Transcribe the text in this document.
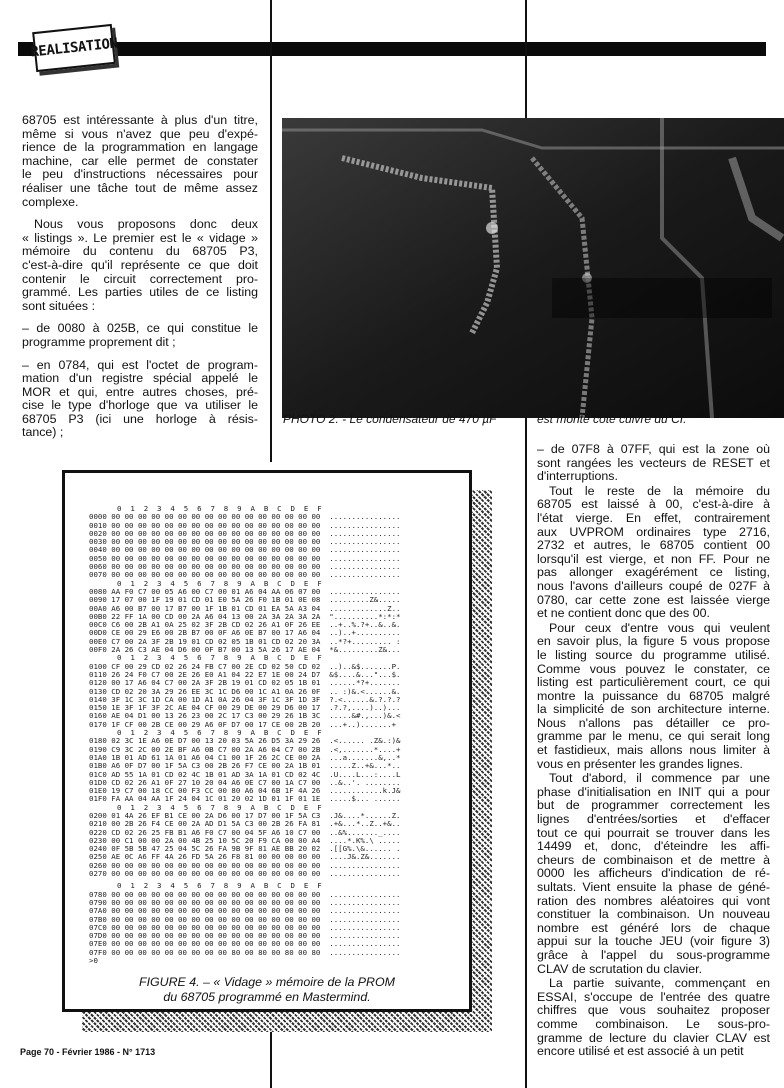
REALISATION
68705 est intéressante à plus d'un titre,
même si vous n'avez que peu d'expé-
rience de la programmation en langage
machine, car elle permet de constater
le peu d'instructions nécessaires pour
réaliser une tâche tout de même assez
complexe.
Nous vous proposons donc deux
« listings ». Le premier est le « vidage »
mémoire du contenu du 68705 P3,
c'est-à-dire qu'il représente ce que doit
contenir le circuit correctement pro-
grammé. Les parties utiles de ce listing
sont situées :
– de 0080 à 025B, ce qui constitue le
programme proprement dit ;
– en 0784, qui est l'octet de program-
mation d'un registre spécial appelé le
MOR et qui, entre autres choses, pré-
cise le type d'horloge que va utiliser le
68705 P3 (ici une horloge à résis-
tance) ;
PHOTO 2. - Le condensateur de 470 µF	est monté côté cuivre du CI.
– de 07F8 à 07FF, qui est la zone où
sont rangées les vecteurs de RESET et
d'interruptions.
Tout le reste de la mémoire du
68705 est laissé à 00, c'est-à-dire à
l'état vierge. En effet, contrairement
aux UVPROM ordinaires type 2716,
2732 et autres, le 68705 contient 00
lorsqu'il est vierge, et non FF. Pour ne
pas allonger exagérément ce listing,
nous l'avons d'ailleurs coupé de 027F à
0780, car cette zone est laissée vierge
et ne contient donc que des 00.
Pour ceux d'entre vous qui veulent
en savoir plus, la figure 5 vous propose
le listing source du programme utilisé.
Comme vous pouvez le constater, ce
listing est particulièrement court, ce qui
montre la puissance du 68705 malgré
la simplicité de son architecture interne.
Nous n'allons pas détailler ce pro-
gramme par le menu, ce qui serait long
et fastidieux, mais allons nous limiter à
vous en présenter les grandes lignes.
Tout d'abord, il commence par une
phase d'initialisation en INIT qui a pour
but de programmer correctement les
lignes d'entrées/sorties et d'effacer
tout ce qui pourrait se trouver dans les
14499 et, donc, d'éteindre les affi-
cheurs de combinaison et de mettre à
0000 les afficheurs d'indication de ré-
sultats. Vient ensuite la phase de géné-
ration des nombres aléatoires qui vont
constituer la combinaison. Un nouveau
nombre est généré lors de chaque
appui sur la touche JEU (voir figure 3)
grâce à l'appel du sous-programme
CLAV de scrutation du clavier.
La partie suivante, commençant en
ESSAI, s'occupe de l'entrée des quatre
chiffres que vous souhaitez proposer
comme combinaison. Le sous-pro-
gramme de lecture du clavier CLAV est
encore utilisé et est associé à un petit
0  1  2  3  4  5  6  7  8  9  A  B  C  D  E  F
0000 00 00 00 00 00 00 00 00 00 00 00 00 00 00 00 00  ................
0010 00 00 00 00 00 00 00 00 00 00 00 00 00 00 00 00  ................
0020 00 00 00 00 00 00 00 00 00 00 00 00 00 00 00 00  ................
0030 00 00 00 00 00 00 00 00 00 00 00 00 00 00 00 00  ................
0040 00 00 00 00 00 00 00 00 00 00 00 00 00 00 00 00  ................
0050 00 00 00 00 00 00 00 00 00 00 00 00 00 00 00 00  ................
0060 00 00 00 00 00 00 00 00 00 00 00 00 00 00 00 00  ................
0070 00 00 00 00 00 00 00 00 00 00 00 00 00 00 00 00  ................
0  1  2  3  4  5  6  7  8  9  A  B  C  D  E  F
0080 AA F0 C7 00 05 A6 00 C7 00 01 A6 04 AA 06 07 00  ................
0090 17 07 00 1F 19 01 CD 01 E0 5A 26 F0 1B 01 0E 08  .........Z&.....
00A0 A6 00 B7 00 17 B7 00 1F 1B 01 CD 01 EA 5A A3 04  .............Z..
00B0 22 FF 1A 00 CD 00 2A A6 04 13 00 2A 3A 2A 3A 2A  "..........*:*:*
00C0 C6 00 2B A1 0A 25 02 3F 2B CD 02 26 A1 0F 26 EE  ..+..%.?+..&..&.
00D0 CE 00 29 E6 00 2B B7 00 0F A6 0E B7 00 17 A6 04  ..)..+..........
00E0 C7 00 2A 3F 2B 19 01 CD 02 05 1B 01 CD 02 20 3A  ..*?+......... :
00F0 2A 26 C3 AE 04 D6 00 0F B7 00 13 5A 26 17 AE 04  *&.........Z&...
0  1  2  3  4  5  6  7  8  9  A  B  C  D  E  F
0100 CF 00 29 CD 02 26 24 FB C7 00 2E CD 02 50 CD 02  ..)..&$.......P.
0110 26 24 F0 C7 00 2E 26 E0 A1 04 22 E7 1E 00 24 D7  &$....&..."...$.
0120 00 17 A6 04 C7 00 2A 3F 2B 19 01 CD 02 05 1B 01  ......*?+.......
0130 CD 02 20 3A 29 26 EE 3C 1C D6 00 1C A1 0A 26 0F  .. :)&.<......&.
0140 3F 1C 3C 1D CA 00 1D A1 0A 26 04 3F 1C 3F 1D 3F  ?.<......&.?.?.?
0150 1E 3F 1F 3F 2C AE 04 CF 00 29 DE 00 29 D6 00 17  .?.?,....)..)...
0160 AE 04 D1 00 13 26 23 00 2C 17 C3 00 29 26 1B 3C  .....&#.,...)&.<
0170 1F CF 00 2B CE 00 29 A6 0F D7 00 17 CE 00 2B 20  ...+..).......+
0  1  2  3  4  5  6  7  8  9  A  B  C  D  E  F
0180 02 3C 1E A6 0E D7 00 13 20 03 5A 26 D5 3A 29 26  .<...... .Z&.:)&
0190 C9 3C 2C 00 2E BF A6 0B C7 00 2A A6 04 C7 00 2B  .<,.......*....+
01A0 1B 01 AD 61 1A 01 A6 04 C1 00 1F 26 2C CE 00 2A  ...a.......&,..*
01B0 A6 0F D7 00 1F 5A C3 00 2B 26 F7 CE 00 2A 1B 01  .....Z..+&...*..
01C0 AD 55 1A 01 CD 02 4C 1B 01 AD 3A 1A 01 CD 02 4C  .U....L...:....L
01D0 CD 02 26 A1 0F 27 10 20 04 A6 0E C7 00 1A C7 00  ..&..'. ........
01E0 19 C7 00 18 CC 00 F3 CC 00 80 A6 04 6B 1F 4A 26  ............k.J&
01F0 FA AA 04 AA 1F 24 04 1C 01 20 02 1D 01 1F 01 1E  .....$... ......
0  1  2  3  4  5  6  7  8  9  A  B  C  D  E  F
0200 01 4A 26 EF B1 CE 00 2A D6 00 17 D7 00 1F 5A C3  .J&....*......Z.
0210 00 2B 26 F4 CE 00 2A AD D1 5A C3 00 2B 26 FA 81  .+&...*..Z..+&..
0220 CD 02 26 25 FB B1 A6 F0 C7 00 04 5F A6 10 C7 00  ..&%......._....
0230 00 C1 00 00 2A 00 4B 25 10 5C 20 F9 CA 00 00 A4  ....*.K%.\ .....
0240 0F 5B 5B 47 25 04 5C 26 FA 9B 9F 81 AE BB 20 02  .[[G%.\&...... .
0250 AE 0C A6 FF 4A 26 FD 5A 26 F8 81 00 00 00 00 00  ....J&.Z&.......
0260 00 00 00 00 00 00 00 00 00 00 00 00 00 00 00 00  ................
0270 00 00 00 00 00 00 00 00 00 00 00 00 00 00 00 00  ................
0  1  2  3  4  5  6  7  8  9  A  B  C  D  E  F
0780 00 00 00 00 00 00 00 00 00 00 00 00 00 00 00 00  ................
0790 00 00 00 00 00 00 00 00 00 00 00 00 00 00 00 00  ................
07A0 00 00 00 00 00 00 00 00 00 00 00 00 00 00 00 00  ................
07B0 00 00 00 00 00 00 00 00 00 00 00 00 00 00 00 00  ................
07C0 00 00 00 00 00 00 00 00 00 00 00 00 00 00 00 00  ................
07D0 00 00 00 00 00 00 00 00 00 00 00 00 00 00 00 00  ................
07E0 00 00 00 00 00 00 00 00 00 00 00 00 00 00 00 00  ................
07F0 00 00 00 00 00 00 00 00 00 80 00 80 00 80 00 80  ................
>0
FIGURE 4. – « Vidage » mémoire de la PROM
du 68705 programmé en Mastermind.
Page 70 - Février 1986 - N° 1713
